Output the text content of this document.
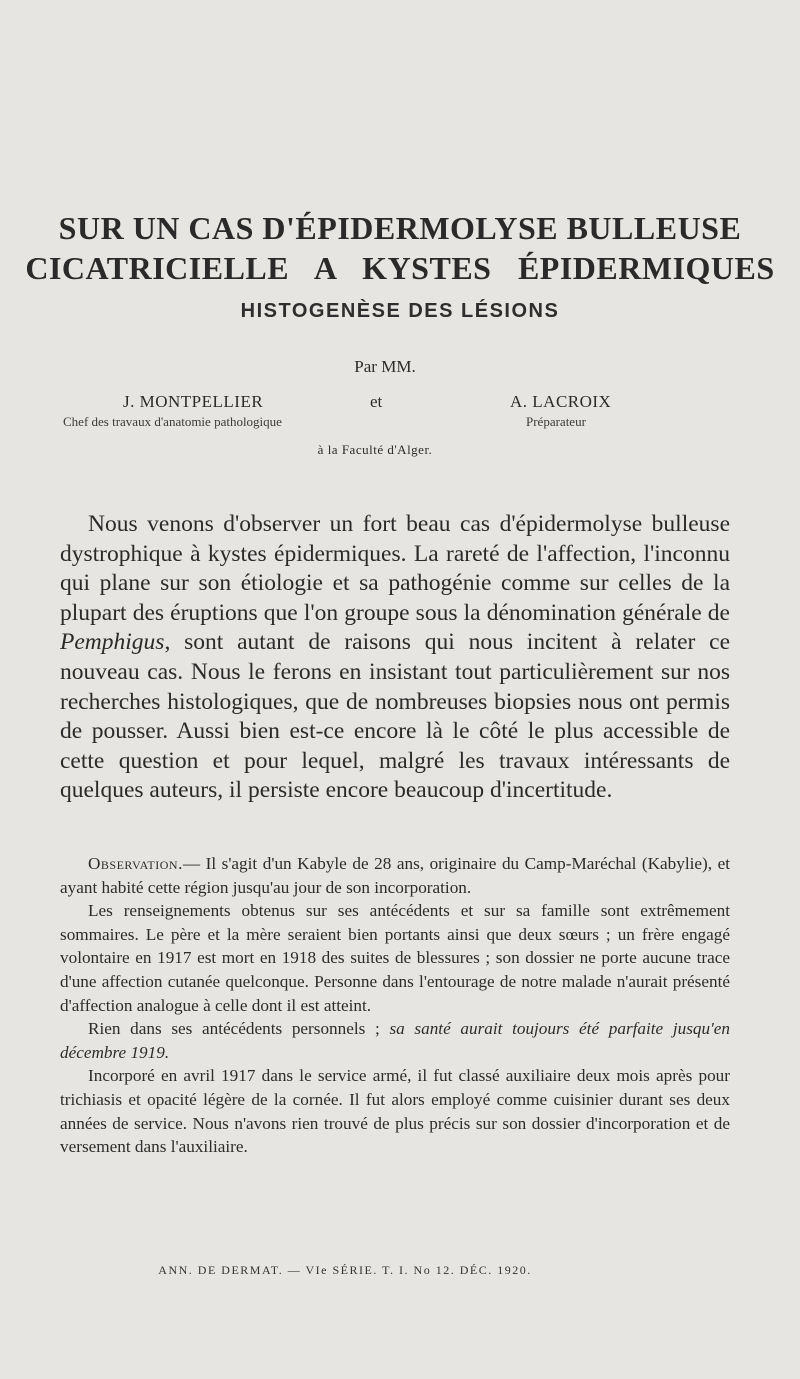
SUR UN CAS D'ÉPIDERMOLYSE BULLEUSE
CICATRICIELLE A KYSTES ÉPIDERMIQUES
HISTOGENÈSE DES LÉSIONS
Par MM.
J. MONTPELLIER
Chef des travaux d'anatomie pathologique
et	A. LACROIX
Préparateur
à la Faculté d'Alger.

Nous venons d'observer un fort beau cas d'épidermolyse bulleuse dystrophique à kystes épidermiques. La rareté de l'affection, l'inconnu qui plane sur son étiologie et sa pathogénie comme sur celles de la plupart des éruptions que l'on groupe sous la dénomination générale de Pemphigus, sont autant de raisons qui nous incitent à relater ce nouveau cas. Nous le ferons en insistant tout particulièrement sur nos recherches histologiques, que de nombreuses biopsies nous ont permis de pousser. Aussi bien est-ce encore là le côté le plus accessible de cette question et pour lequel, malgré les travaux intéressants de quelques auteurs, il persiste encore beaucoup d'incertitude.

Observation.— Il s'agit d'un Kabyle de 28 ans, originaire du Camp-Maréchal (Kabylie), et ayant habité cette région jusqu'au jour de son incorporation.

Les renseignements obtenus sur ses antécédents et sur sa famille sont extrêmement sommaires. Le père et la mère seraient bien portants ainsi que deux sœurs ; un frère engagé volontaire en 1917 est mort en 1918 des suites de blessures ; son dossier ne porte aucune trace d'une affection cutanée quelconque. Personne dans l'entourage de notre malade n'aurait présenté d'affection analogue à celle dont il est atteint.

Rien dans ses antécédents personnels ; sa santé aurait toujours été parfaite jusqu'en décembre 1919.

Incorporé en avril 1917 dans le service armé, il fut classé auxiliaire deux mois après pour trichiasis et opacité légère de la cornée. Il fut alors employé comme cuisinier durant ses deux années de service. Nous n'avons rien trouvé de plus précis sur son dossier d'incorporation et de versement dans l'auxiliaire.

ANN. DE DERMAT. — VIe SÉRIE. T. I. No 12. DÉC. 1920.
